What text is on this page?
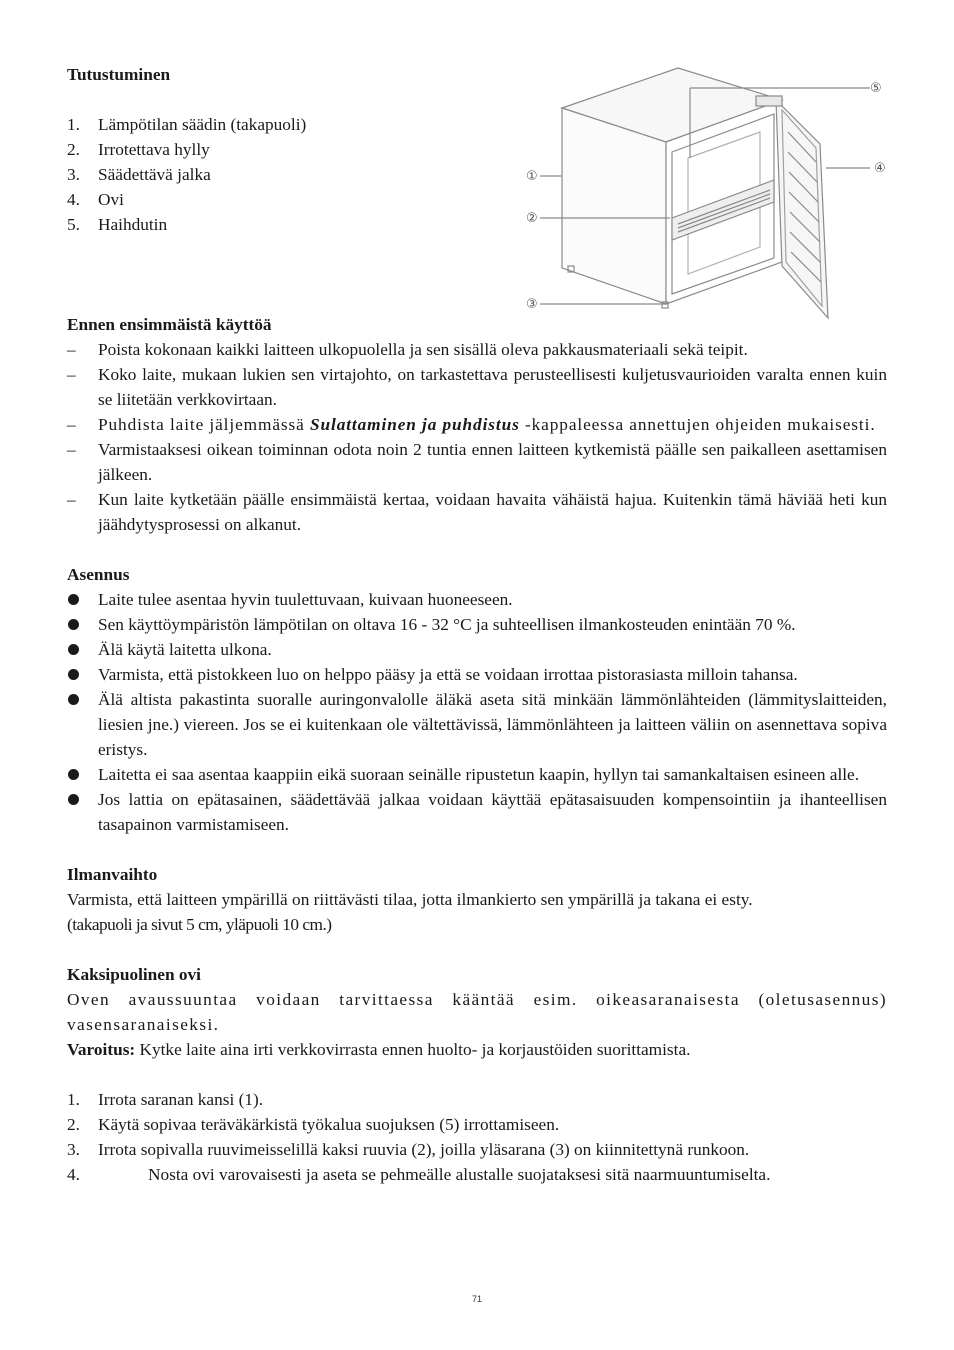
①
②
③
④
⑤

Tutustuminen

1.	Lämpötilan säädin (takapuoli)
2.	Irrotettava hylly
3.	Säädettävä jalka
4.	Ovi
5.	Haihdutin

Ennen ensimmäistä käyttöä

–	Poista kokonaan kaikki laitteen ulkopuolella ja sen sisällä oleva pakkausmateriaali sekä teipit.
–	Koko laite, mukaan lukien sen virtajohto, on tarkastettava perusteellisesti kuljetusvaurioiden varalta ennen kuin se liitetään verkkovirtaan.
–	Puhdista laite jäljemmässä Sulattaminen ja puhdistus -kappaleessa annettujen ohjeiden mukaisesti.
–	Varmistaaksesi oikean toiminnan odota noin 2 tuntia ennen laitteen kytkemistä päälle sen paikalleen asettamisen jälkeen.
–	Kun laite kytketään päälle ensimmäistä kertaa, voidaan havaita vähäistä hajua. Kuitenkin tämä häviää heti kun jäähdytysprosessi on alkanut.

Asennus

Laite tulee asentaa hyvin tuulettuvaan, kuivaan huoneeseen.
Sen käyttöympäristön lämpötilan on oltava 16 - 32 °C ja suhteellisen ilmankosteuden enintään 70 %.
Älä käytä laitetta ulkona.
Varmista, että pistokkeen luo on helppo pääsy ja että se voidaan irrottaa pistorasiasta milloin tahansa.
Älä altista pakastinta suoralle auringonvalolle äläkä aseta sitä minkään lämmönlähteiden (lämmityslaitteiden, liesien jne.) viereen. Jos se ei kuitenkaan ole vältettävissä, lämmönlähteen ja laitteen väliin on asennettava sopiva eristys.
Laitetta ei saa asentaa kaappiin eikä suoraan seinälle ripustetun kaapin, hyllyn tai samankaltaisen esineen alle.
Jos lattia on epätasainen, säädettävää jalkaa voidaan käyttää epätasaisuuden kompensointiin ja ihanteellisen tasapainon varmistamiseen.

Ilmanvaihto

Varmista, että laitteen ympärillä on riittävästi tilaa, jotta ilmankierto sen ympärillä ja takana ei esty.

(takapuoli ja sivut 5 cm, yläpuoli 10 cm.)

Kaksipuolinen ovi

Oven avaussuuntaa voidaan tarvittaessa kääntää esim. oikeasaranaisesta (oletusasennus) vasensaranaiseksi.

Varoitus: Kytke laite aina irti verkkovirrasta ennen huolto- ja korjaustöiden suorittamista.

1.	Irrota saranan kansi (1).
2.	Käytä sopivaa teräväkärkistä työkalua suojuksen (5) irrottamiseen.
3.	Irrota sopivalla ruuvimeisselillä kaksi ruuvia (2), joilla yläsarana (3) on kiinnitettynä runkoon.
4.	Nosta ovi varovaisesti ja aseta se pehmeälle alustalle suojataksesi sitä naarmuuntumiselta.
71
